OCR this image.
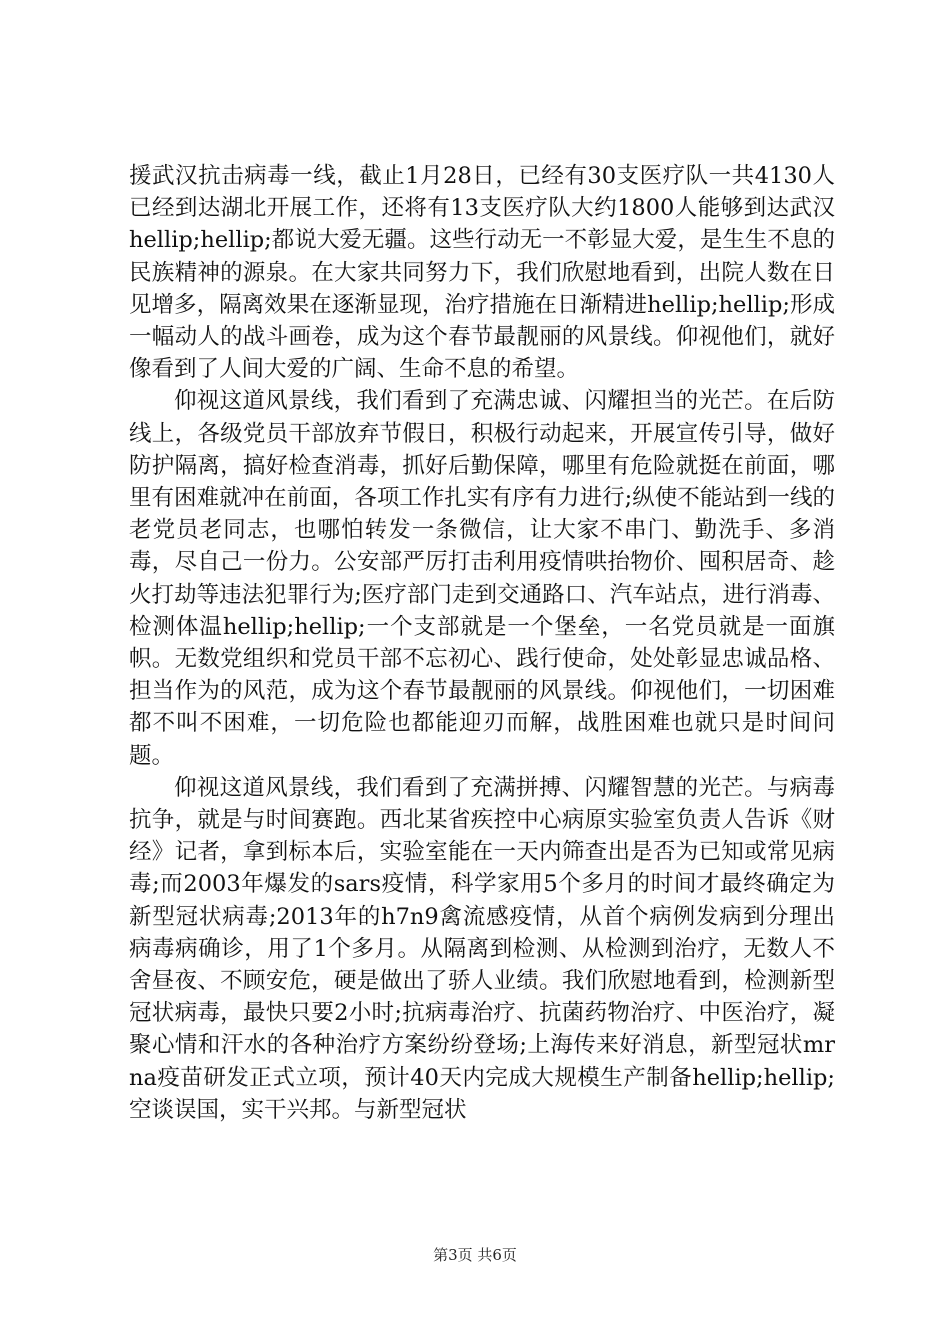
援武汉抗击病毒一线，截止1月28日，已经有30支医疗队一共4130人已经到达湖北开展工作，还将有13支医疗队大约1800人能够到达武汉hellip;hellip;都说大爱无疆。这些行动无一不彰显大爱，是生生不息的民族精神的源泉。在大家共同努力下，我们欣慰地看到，出院人数在日见增多，隔离效果在逐渐显现，治疗措施在日渐精进hellip;hellip;形成一幅动人的战斗画卷，成为这个春节最靓丽的风景线。仰视他们，就好像看到了人间大爱的广阔、生命不息的希望。

仰视这道风景线，我们看到了充满忠诚、闪耀担当的光芒。在后防线上，各级党员干部放弃节假日，积极行动起来，开展宣传引导，做好防护隔离，搞好检查消毒，抓好后勤保障，哪里有危险就挺在前面，哪里有困难就冲在前面，各项工作扎实有序有力进行;纵使不能站到一线的老党员老同志，也哪怕转发一条微信，让大家不串门、勤洗手、多消毒，尽自己一份力。公安部严厉打击利用疫情哄抬物价、囤积居奇、趁火打劫等违法犯罪行为;医疗部门走到交通路口、汽车站点，进行消毒、检测体温hellip;hellip;一个支部就是一个堡垒，一名党员就是一面旗帜。无数党组织和党员干部不忘初心、践行使命，处处彰显忠诚品格、担当作为的风范，成为这个春节最靓丽的风景线。仰视他们，一切困难都不叫不困难，一切危险也都能迎刃而解，战胜困难也就只是时间问题。

仰视这道风景线，我们看到了充满拼搏、闪耀智慧的光芒。与病毒抗争，就是与时间赛跑。西北某省疾控中心病原实验室负责人告诉《财经》记者，拿到标本后，实验室能在一天内筛查出是否为已知或常见病毒;而2003年爆发的sars疫情，科学家用5个多月的时间才最终确定为新型冠状病毒;2013年的h7n9禽流感疫情，从首个病例发病到分理出病毒病确诊，用了1个多月。从隔离到检测、从检测到治疗，无数人不舍昼夜、不顾安危，硬是做出了骄人业绩。我们欣慰地看到，检测新型冠状病毒，最快只要2小时;抗病毒治疗、抗菌药物治疗、中医治疗，凝聚心情和汗水的各种治疗方案纷纷登场;上海传来好消息，新型冠状mrna疫苗研发正式立项，预计40天内完成大规模生产制备hellip;hellip;空谈误国，实干兴邦。与新型冠状

第3页 共6页
